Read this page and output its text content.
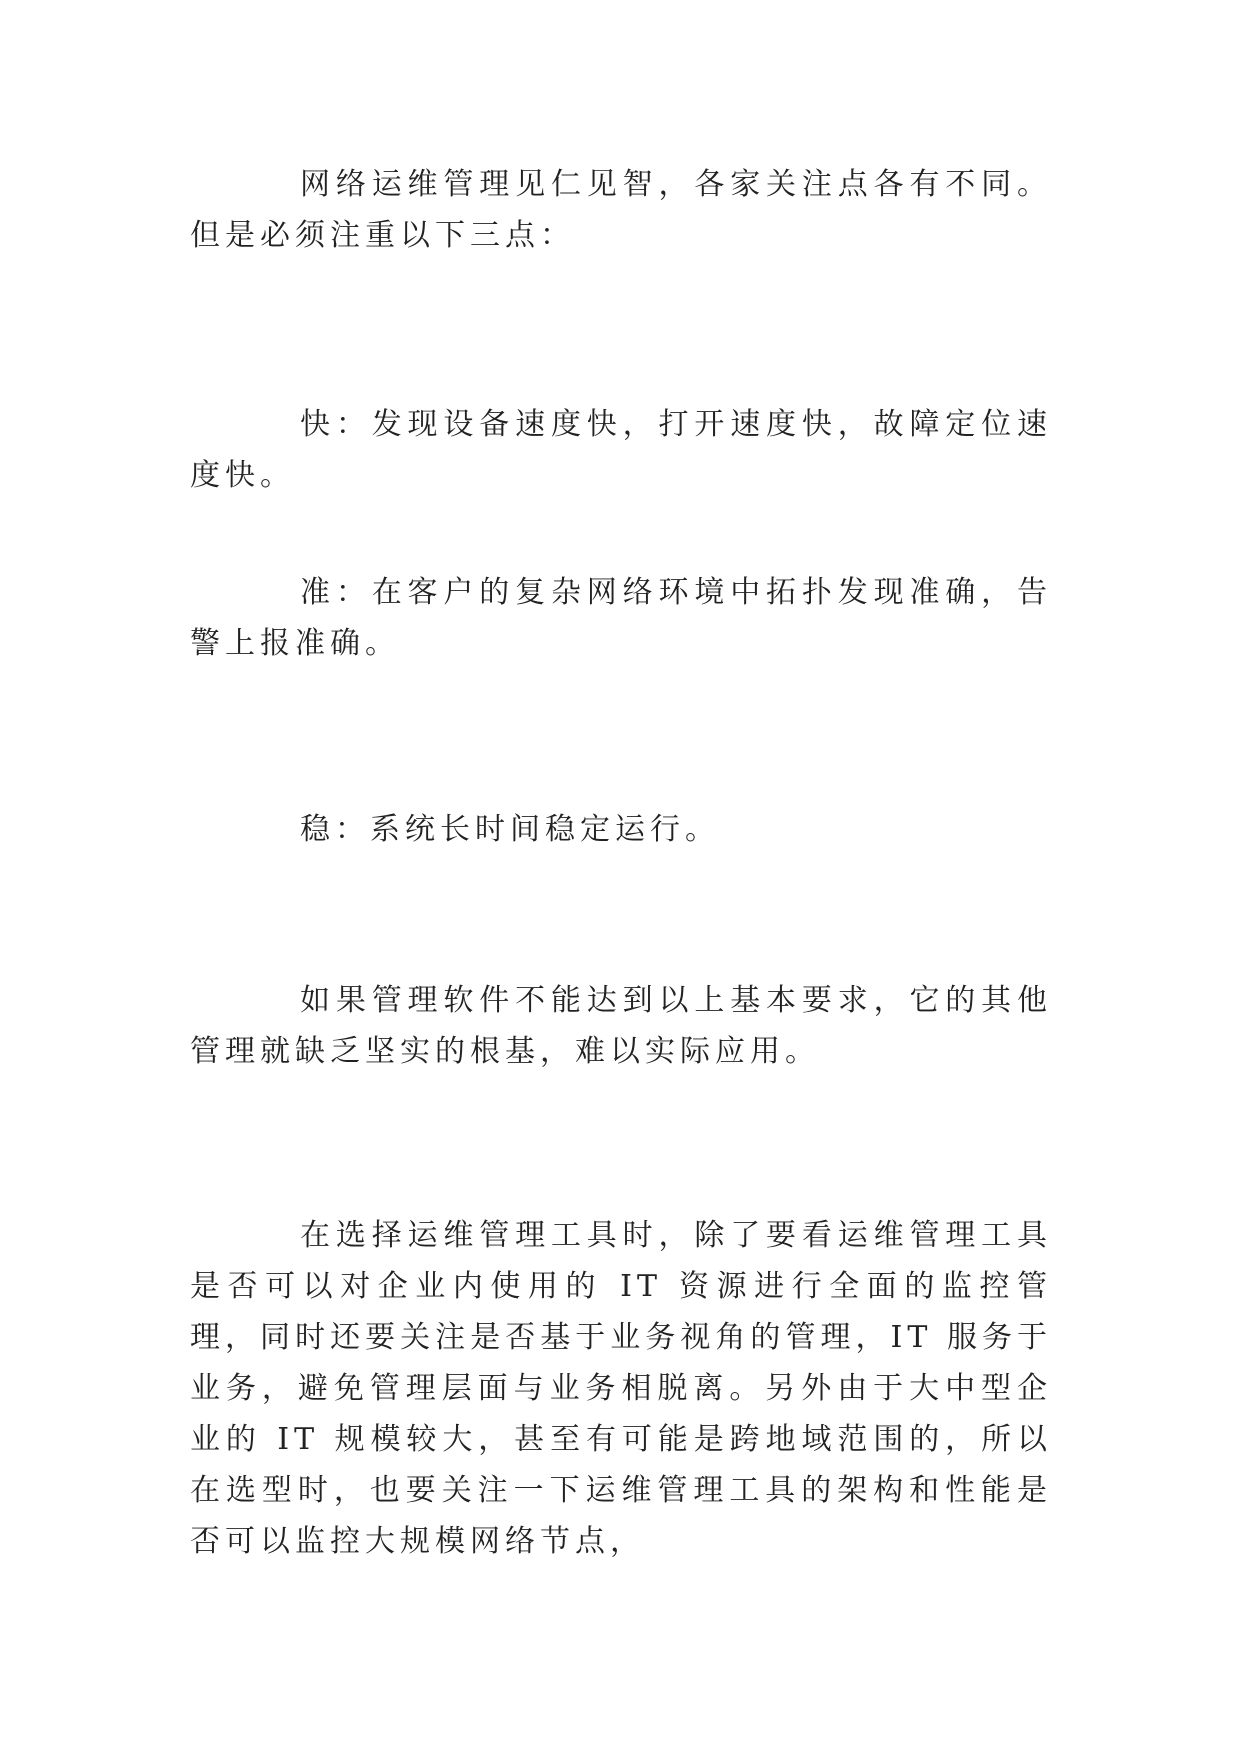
网络运维管理见仁见智，各家关注点各有不同。但是必须注重以下三点：

快：发现设备速度快，打开速度快，故障定位速度快。

准：在客户的复杂网络环境中拓扑发现准确，告警上报准确。

稳：系统长时间稳定运行。

如果管理软件不能达到以上基本要求，它的其他管理就缺乏坚实的根基，难以实际应用。

在选择运维管理工具时，除了要看运维管理工具是否可以对企业内使用的 IT 资源进行全面的监控管理，同时还要关注是否基于业务视角的管理，IT 服务于业务，避免管理层面与业务相脱离。另外由于大中型企业的 IT 规模较大，甚至有可能是跨地域范围的，所以在选型时，也要关注一下运维管理工具的架构和性能是否可以监控大规模网络节点，
